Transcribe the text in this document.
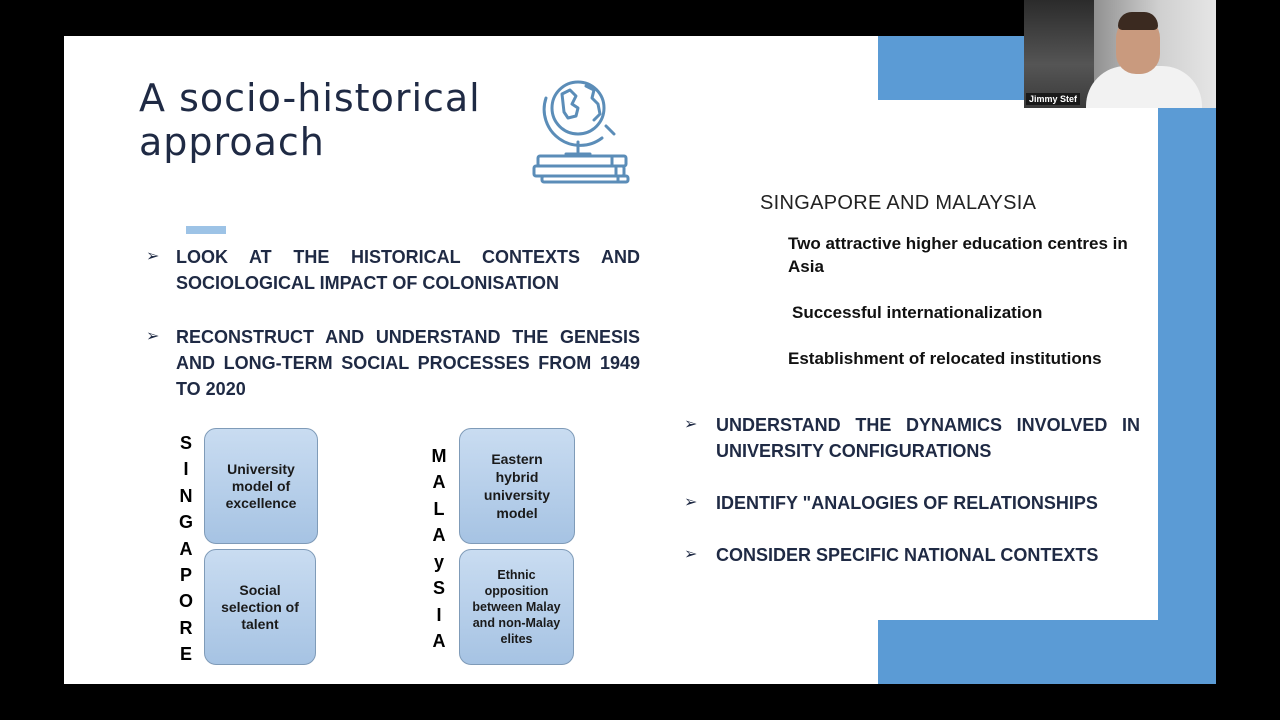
A socio-historical
approach
➢ LOOK AT THE HISTORICAL CONTEXTS AND SOCIOLOGICAL IMPACT OF COLONISATION
➢ RECONSTRUCT AND UNDERSTAND THE GENESIS AND LONG-TERM SOCIAL PROCESSES FROM 1949 TO 2020
S
I
N
G
A
P
O
R
E
M
A
L
A
y
S
I
A
University model of excellence
Social selection of talent
Eastern hybrid university model
Ethnic opposition between Malay and non-Malay elites
SINGAPORE AND MALAYSIA
Two attractive higher education centres in Asia
Successful internationalization
Establishment of relocated institutions
➢	UNDERSTAND THE DYNAMICS INVOLVED IN UNIVERSITY CONFIGURATIONS
➢	IDENTIFY "ANALOGIES OF RELATIONSHIPS
➢	CONSIDER SPECIFIC NATIONAL CONTEXTS
Jimmy Stef
